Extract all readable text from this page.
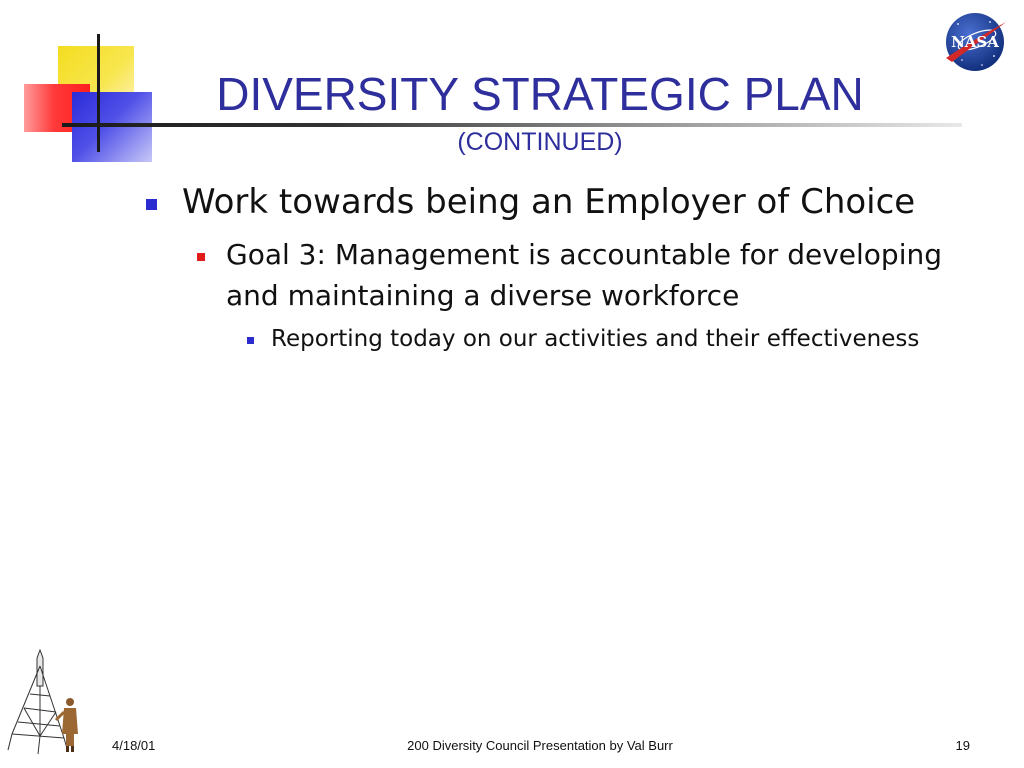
DIVERSITY STRATEGIC PLAN
(CONTINUED)
NASA
Work towards being an Employer of Choice
Goal 3: Management is accountable for developing and maintaining a diverse workforce
Reporting today on our activities and their effectiveness
4/18/01	200 Diversity Council Presentation by Val Burr	19
